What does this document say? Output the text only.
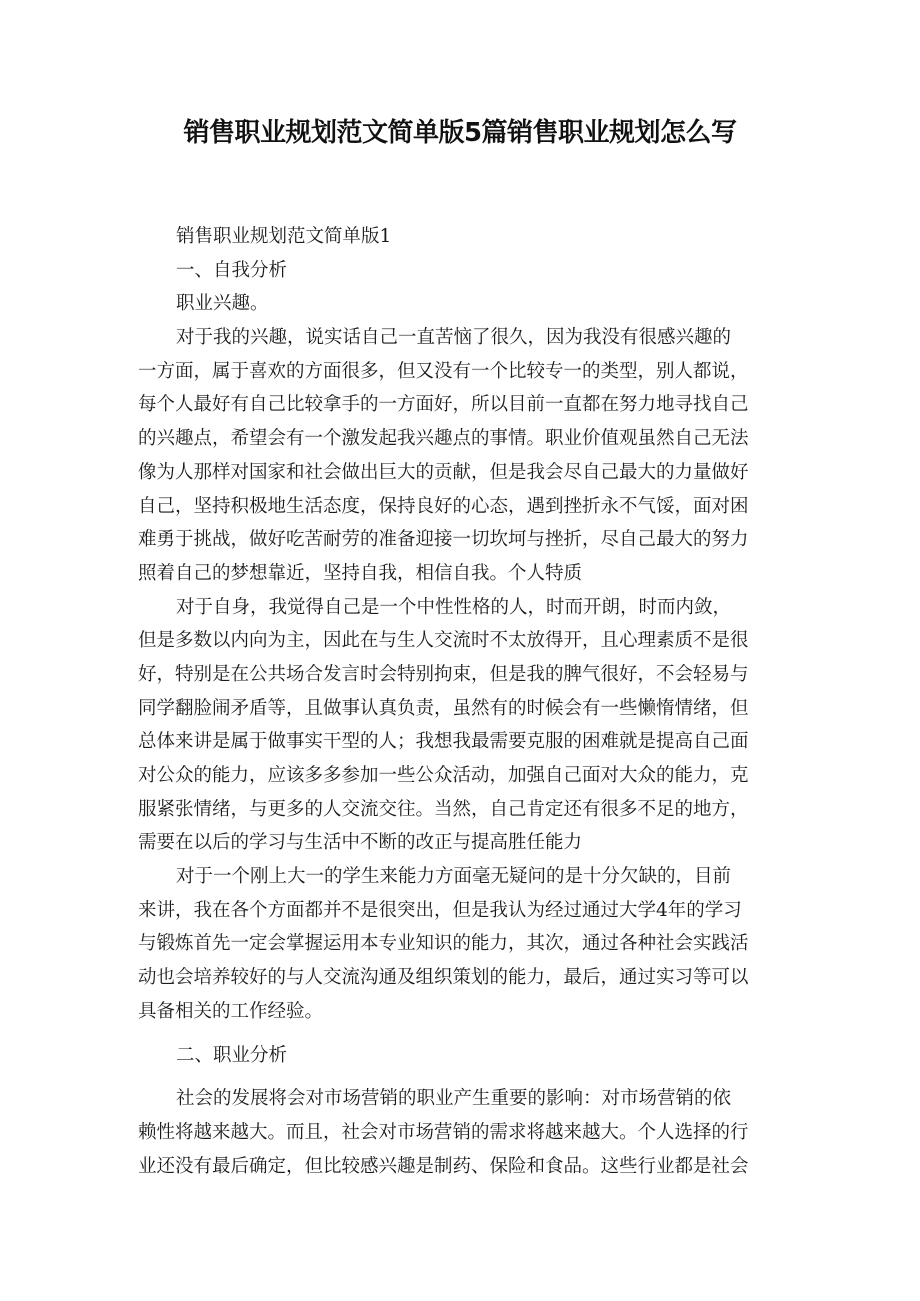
销售职业规划范文简单版5篇销售职业规划怎么写
销售职业规划范文简单版1
一、自我分析
职业兴趣。
对于我的兴趣，说实话自己一直苦恼了很久，因为我没有很感兴趣的
一方面，属于喜欢的方面很多，但又没有一个比较专一的类型，别人都说，
每个人最好有自己比较拿手的一方面好，所以目前一直都在努力地寻找自己
的兴趣点，希望会有一个激发起我兴趣点的事情。职业价值观虽然自己无法
像为人那样对国家和社会做出巨大的贡献，但是我会尽自己最大的力量做好
自己，坚持积极地生活态度，保持良好的心态，遇到挫折永不气馁，面对困
难勇于挑战，做好吃苦耐劳的准备迎接一切坎坷与挫折，尽自己最大的努力
照着自己的梦想靠近，坚持自我，相信自我。个人特质
对于自身，我觉得自己是一个中性性格的人，时而开朗，时而内敛，
但是多数以内向为主，因此在与生人交流时不太放得开，且心理素质不是很
好，特别是在公共场合发言时会特别拘束，但是我的脾气很好，不会轻易与
同学翻脸闹矛盾等，且做事认真负责，虽然有的时候会有一些懒惰情绪，但
总体来讲是属于做事实干型的人；我想我最需要克服的困难就是提高自己面
对公众的能力，应该多多参加一些公众活动，加强自己面对大众的能力，克
服紧张情绪，与更多的人交流交往。当然，自己肯定还有很多不足的地方，
需要在以后的学习与生活中不断的改正与提高胜任能力
对于一个刚上大一的学生来能力方面毫无疑问的是十分欠缺的，目前
来讲，我在各个方面都并不是很突出，但是我认为经过通过大学4年的学习
与锻炼首先一定会掌握运用本专业知识的能力，其次，通过各种社会实践活
动也会培养较好的与人交流沟通及组织策划的能力，最后，通过实习等可以
具备相关的工作经验。
二、职业分析
社会的发展将会对市场营销的职业产生重要的影响：对市场营销的依
赖性将越来越大。而且，社会对市场营销的需求将越来越大。个人选择的行
业还没有最后确定，但比较感兴趣是制药、保险和食品。这些行业都是社会
